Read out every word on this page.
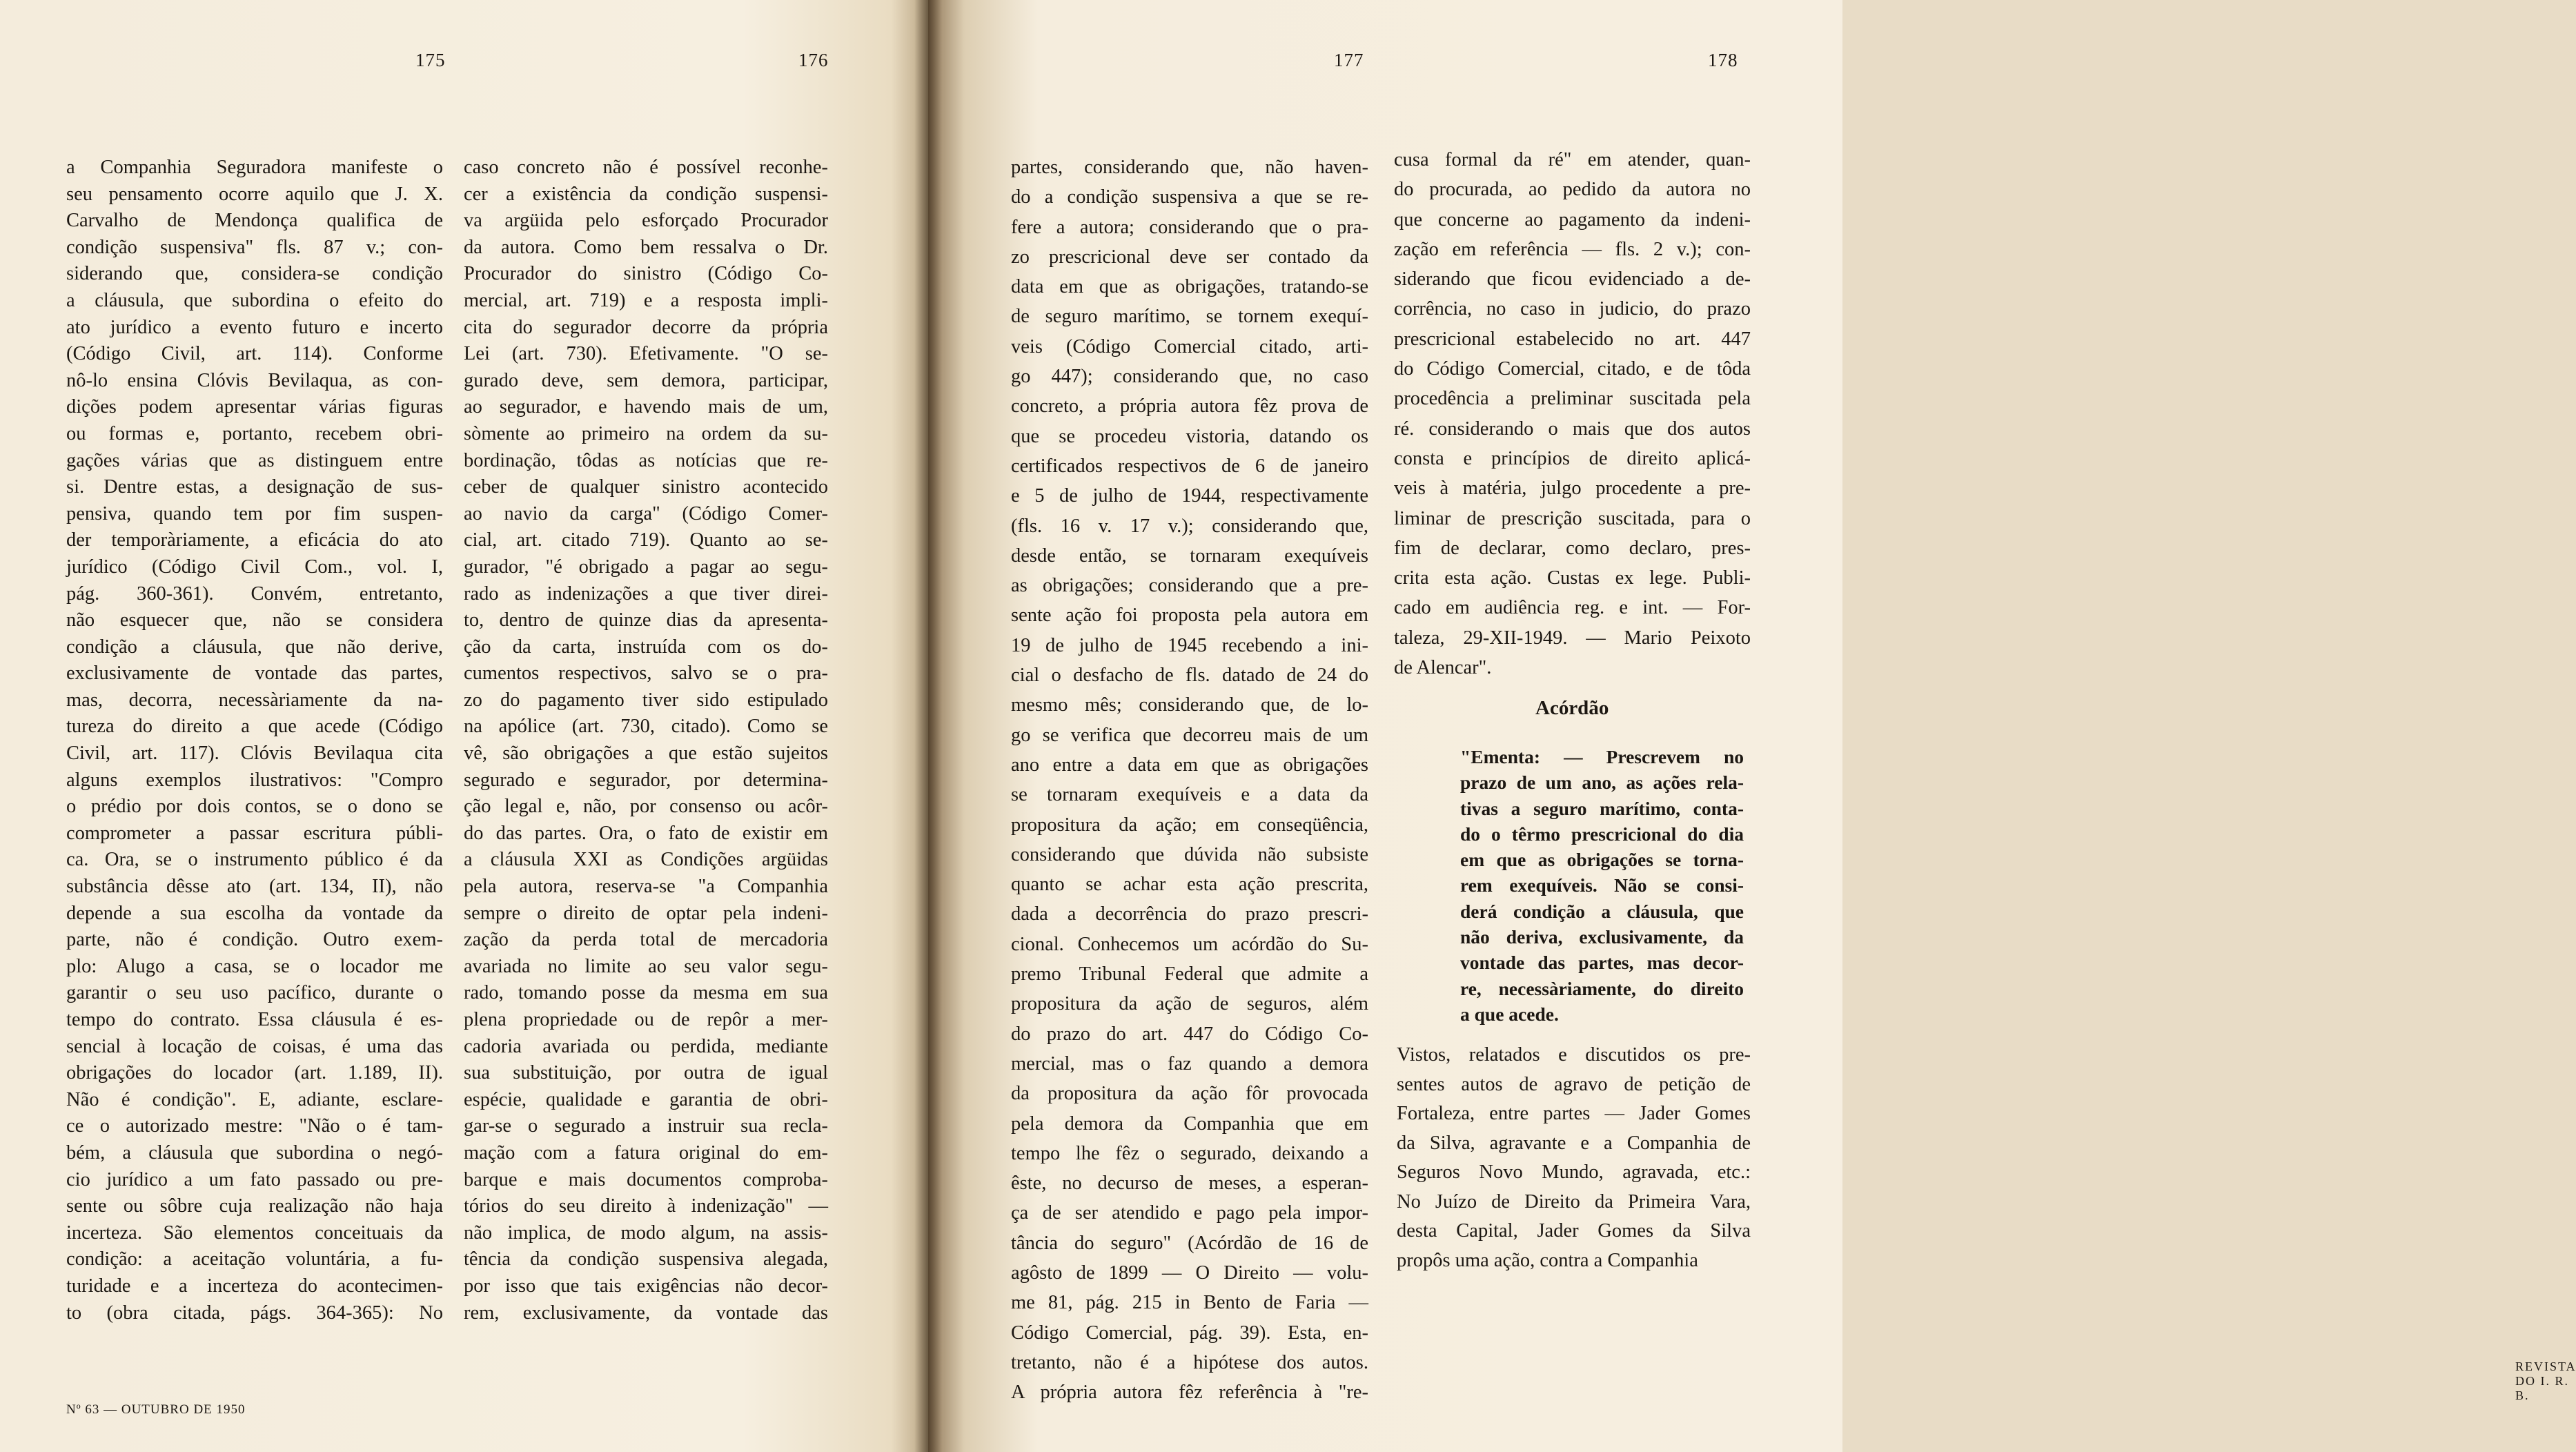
175	176
a Companhia Seguradora manifeste o
seu pensamento ocorre aquilo que J. X.
Carvalho de Mendonça qualifica de
condição suspensiva" fls. 87 v.; con-
siderando que, considera-se condição
a cláusula, que subordina o efeito do
ato jurídico a evento futuro e incerto
(Código Civil, art. 114). Conforme
nô-lo ensina Clóvis Bevilaqua, as con-
dições podem apresentar várias figuras
ou formas e, portanto, recebem obri-
gações várias que as distinguem entre
si. Dentre estas, a designação de sus-
pensiva, quando tem por fim suspen-
der temporàriamente, a eficácia do ato
jurídico (Código Civil Com., vol. I,
pág. 360-361). Convém, entretanto,
não esquecer que, não se considera
condição a cláusula, que não derive,
exclusivamente de vontade das partes,
mas, decorra, necessàriamente da na-
tureza do direito a que acede (Código
Civil, art. 117). Clóvis Bevilaqua cita
alguns exemplos ilustrativos: "Compro
o prédio por dois contos, se o dono se
comprometer a passar escritura públi-
ca. Ora, se o instrumento público é da
substância dêsse ato (art. 134, II), não
depende a sua escolha da vontade da
parte, não é condição. Outro exem-
plo: Alugo a casa, se o locador me
garantir o seu uso pacífico, durante o
tempo do contrato. Essa cláusula é es-
sencial à locação de coisas, é uma das
obrigações do locador (art. 1.189, II).
Não é condição". E, adiante, esclare-
ce o autorizado mestre: "Não o é tam-
bém, a cláusula que subordina o negó-
cio jurídico a um fato passado ou pre-
sente ou sôbre cuja realização não haja
incerteza. São elementos conceituais da
condição: a aceitação voluntária, a fu-
turidade e a incerteza do acontecimen-
to (obra citada, págs. 364-365): No
caso concreto não é possível reconhe-
cer a existência da condição suspensi-
va argüida pelo esforçado Procurador
da autora. Como bem ressalva o Dr.
Procurador do sinistro (Código Co-
mercial, art. 719) e a resposta impli-
cita do segurador decorre da própria
Lei (art. 730). Efetivamente. "O se-
gurado deve, sem demora, participar,
ao segurador, e havendo mais de um,
sòmente ao primeiro na ordem da su-
bordinação, tôdas as notícias que re-
ceber de qualquer sinistro acontecido
ao navio da carga" (Código Comer-
cial, art. citado 719). Quanto ao se-
gurador, "é obrigado a pagar ao segu-
rado as indenizações a que tiver direi-
to, dentro de quinze dias da apresenta-
ção da carta, instruída com os do-
cumentos respectivos, salvo se o pra-
zo do pagamento tiver sido estipulado
na apólice (art. 730, citado). Como se
vê, são obrigações a que estão sujeitos
segurado e segurador, por determina-
ção legal e, não, por consenso ou acôr-
do das partes. Ora, o fato de existir em
a cláusula XXI as Condições argüidas
pela autora, reserva-se "a Companhia
sempre o direito de optar pela indeni-
zação da perda total de mercadoria
avariada no limite ao seu valor segu-
rado, tomando posse da mesma em sua
plena propriedade ou de repôr a mer-
cadoria avariada ou perdida, mediante
sua substituição, por outra de igual
espécie, qualidade e garantia de obri-
gar-se o segurado a instruir sua recla-
mação com a fatura original do em-
barque e mais documentos comproba-
tórios do seu direito à indenização" —
não implica, de modo algum, na assis-
tência da condição suspensiva alegada,
por isso que tais exigências não decor-
rem, exclusivamente, da vontade das
Nº 63 — OUTUBRO DE 1950
177	178
partes, considerando que, não haven-
do a condição suspensiva a que se re-
fere a autora; considerando que o pra-
zo prescricional deve ser contado da
data em que as obrigações, tratando-se
de seguro marítimo, se tornem exequí-
veis (Código Comercial citado, arti-
go 447); considerando que, no caso
concreto, a própria autora fêz prova de
que se procedeu vistoria, datando os
certificados respectivos de 6 de janeiro
e 5 de julho de 1944, respectivamente
(fls. 16 v. 17 v.); considerando que,
desde então, se tornaram exequíveis
as obrigações; considerando que a pre-
sente ação foi proposta pela autora em
19 de julho de 1945 recebendo a ini-
cial o desfacho de fls. datado de 24 do
mesmo mês; considerando que, de lo-
go se verifica que decorreu mais de um
ano entre a data em que as obrigações
se tornaram exequíveis e a data da
propositura da ação; em conseqüência,
considerando que dúvida não subsiste
quanto se achar esta ação prescrita,
dada a decorrência do prazo prescri-
cional. Conhecemos um acórdão do Su-
premo Tribunal Federal que admite a
propositura da ação de seguros, além
do prazo do art. 447 do Código Co-
mercial, mas o faz quando a demora
da propositura da ação fôr provocada
pela demora da Companhia que em
tempo lhe fêz o segurado, deixando a
êste, no decurso de meses, a esperan-
ça de ser atendido e pago pela impor-
tância do seguro" (Acórdão de 16 de
agôsto de 1899 — O Direito — volu-
me 81, pág. 215 in Bento de Faria —
Código Comercial, pág. 39). Esta, en-
tretanto, não é a hipótese dos autos.
A própria autora fêz referência à "re-
cusa formal da ré" em atender, quan-
do procurada, ao pedido da autora no
que concerne ao pagamento da indeni-
zação em referência — fls. 2 v.); con-
siderando que ficou evidenciado a de-
corrência, no caso in judicio, do prazo
prescricional estabelecido no art. 447
do Código Comercial, citado, e de tôda
procedência a preliminar suscitada pela
ré. considerando o mais que dos autos
consta e princípios de direito aplicá-
veis à matéria, julgo procedente a pre-
liminar de prescrição suscitada, para o
fim de declarar, como declaro, pres-
crita esta ação. Custas ex lege. Publi-
cado em audiência reg. e int. — For-
taleza, 29-XII-1949. — Mario Peixoto
de Alencar".
Acórdão
"Ementa: — Prescrevem no
prazo de um ano, as ações rela-
tivas a seguro marítimo, conta-
do o têrmo prescricional do dia
em que as obrigações se torna-
rem exequíveis. Não se consi-
derá condição a cláusula, que
não deriva, exclusivamente, da
vontade das partes, mas decor-
re, necessàriamente, do direito
a que acede.
Vistos, relatados e discutidos os pre-
sentes autos de agravo de petição de
Fortaleza, entre partes — Jader Gomes
da Silva, agravante e a Companhia de
Seguros Novo Mundo, agravada, etc.:
No Juízo de Direito da Primeira Vara,
desta Capital, Jader Gomes da Silva
propôs uma ação, contra a Companhia
REVISTA DO I. R. B.
